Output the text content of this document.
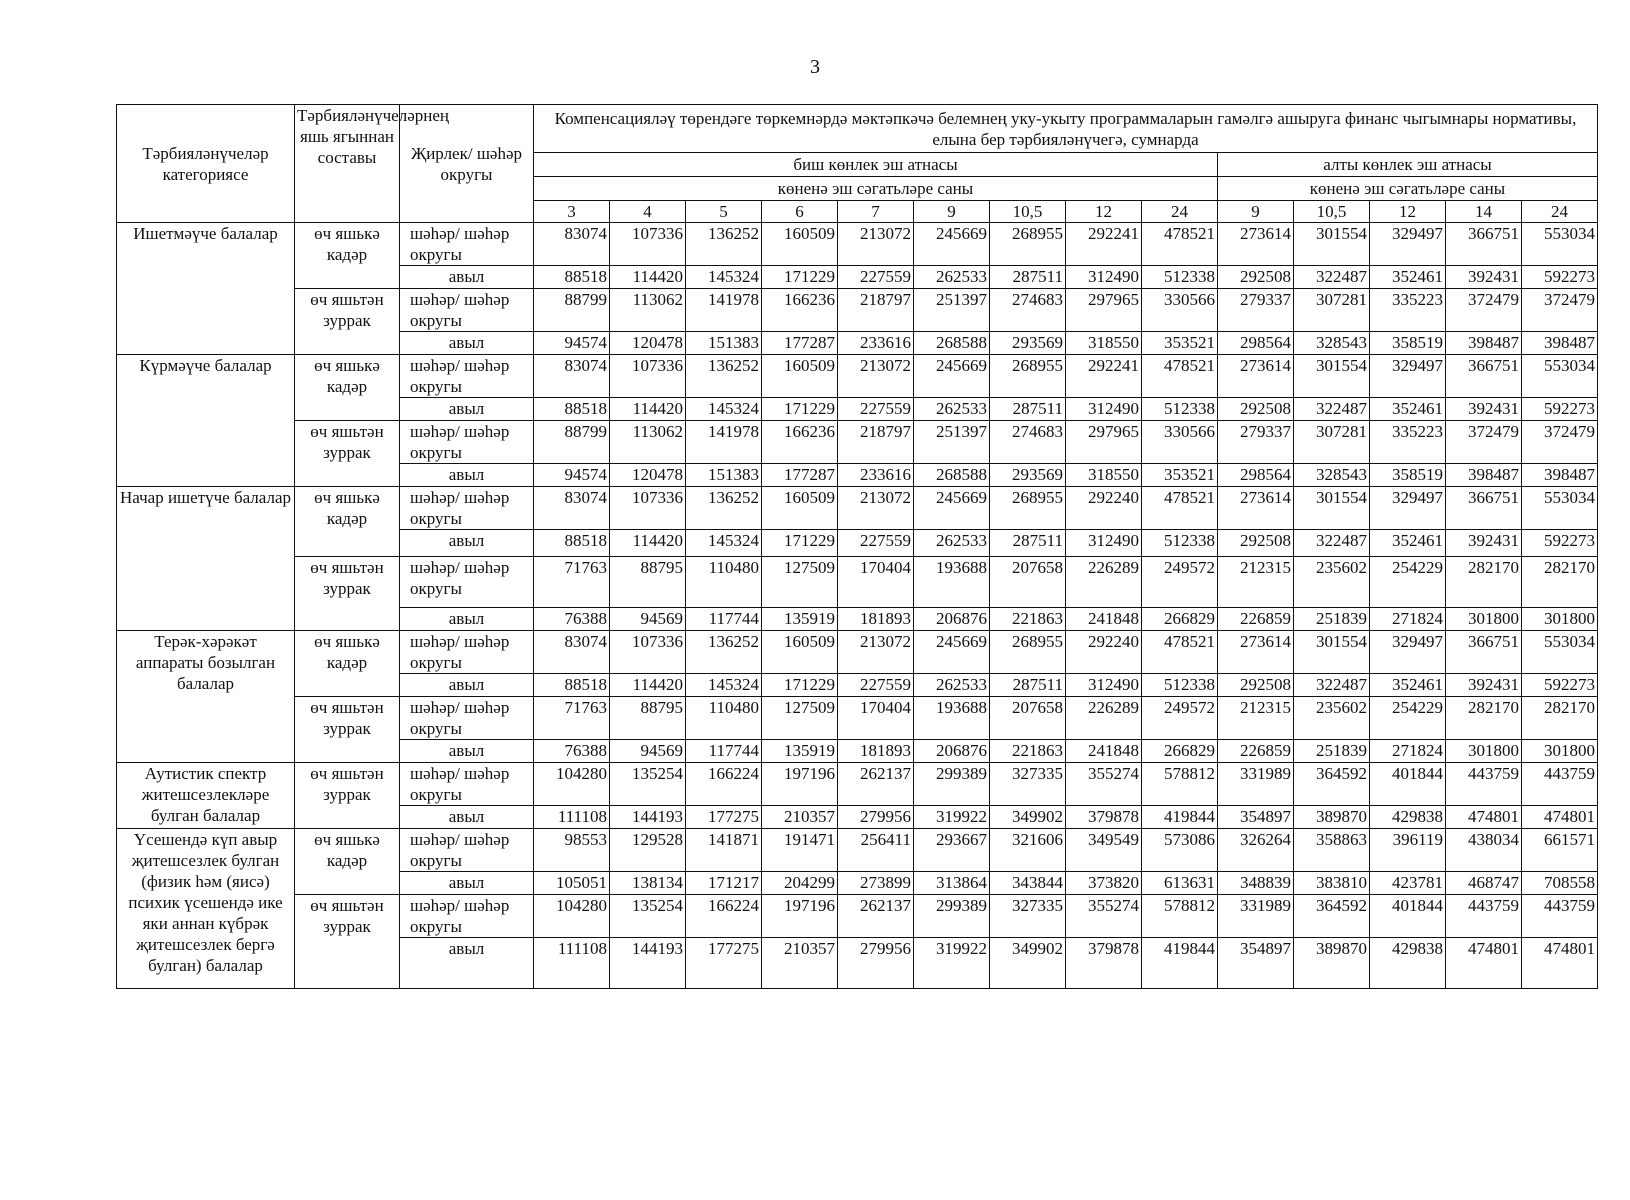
3
Тәрбияләнүчеләр категориясе	Тәрбияләнүчеләрнең яшь ягыннан составы	Җирлек/ шәһәр округы	Компенсацияләү төрендәге төркемнәрдә мәктәпкәчә белемнең уку-укыту программаларын гамәлгә ашыруга финанс чыгымнары нормативы, елына бер тәрбияләнүчегә, сумнарда													
			биш көнлек эш атнасы									алты көнлек эш атнасы				
			көненә эш сәгатьләре саны									көненә эш сәгатьләре саны				
			3	4	5	6	7	9	10,5	12	24	9	10,5	12	14	24

Ишетмәүче балалар	өч яшькә кадәр	шәһәр/ шәһәр округы	83074	107336	136252	160509	213072	245669	268955	292241	478521	273614	301554	329497	366751	553034
		авыл	88518	114420	145324	171229	227559	262533	287511	312490	512338	292508	322487	352461	392431	592273
	өч яшьтән зуррак	шәһәр/ шәһәр округы	88799	113062	141978	166236	218797	251397	274683	297965	330566	279337	307281	335223	372479	372479
		авыл	94574	120478	151383	177287	233616	268588	293569	318550	353521	298564	328543	358519	398487	398487
Күрмәүче балалар	өч яшькә кадәр	шәһәр/ шәһәр округы	83074	107336	136252	160509	213072	245669	268955	292241	478521	273614	301554	329497	366751	553034
		авыл	88518	114420	145324	171229	227559	262533	287511	312490	512338	292508	322487	352461	392431	592273
	өч яшьтән зуррак	шәһәр/ шәһәр округы	88799	113062	141978	166236	218797	251397	274683	297965	330566	279337	307281	335223	372479	372479
		авыл	94574	120478	151383	177287	233616	268588	293569	318550	353521	298564	328543	358519	398487	398487
Начар ишетүче балалар	өч яшькә кадәр	шәһәр/ шәһәр округы	83074	107336	136252	160509	213072	245669	268955	292240	478521	273614	301554	329497	366751	553034
		авыл	88518	114420	145324	171229	227559	262533	287511	312490	512338	292508	322487	352461	392431	592273
	өч яшьтән зуррак	шәһәр/ шәһәр округы	71763	88795	110480	127509	170404	193688	207658	226289	249572	212315	235602	254229	282170	282170
		авыл	76388	94569	117744	135919	181893	206876	221863	241848	266829	226859	251839	271824	301800	301800
Терәк-хәрәкәт аппараты бозылган балалар	өч яшькә кадәр	шәһәр/ шәһәр округы	83074	107336	136252	160509	213072	245669	268955	292240	478521	273614	301554	329497	366751	553034
		авыл	88518	114420	145324	171229	227559	262533	287511	312490	512338	292508	322487	352461	392431	592273
	өч яшьтән зуррак	шәһәр/ шәһәр округы	71763	88795	110480	127509	170404	193688	207658	226289	249572	212315	235602	254229	282170	282170
		авыл	76388	94569	117744	135919	181893	206876	221863	241848	266829	226859	251839	271824	301800	301800
Аутистик спектр житешсезлекләре булган балалар	өч яшьтән зуррак	шәһәр/ шәһәр округы	104280	135254	166224	197196	262137	299389	327335	355274	578812	331989	364592	401844	443759	443759
		авыл	111108	144193	177275	210357	279956	319922	349902	379878	419844	354897	389870	429838	474801	474801
Үсешендә күп авыр җитешсезлек булган (физик һәм (яисә) психик үсешендә ике яки аннан күбрәк җитешсезлек бергә булган) балалар	өч яшькә кадәр	шәһәр/ шәһәр округы	98553	129528	141871	191471	256411	293667	321606	349549	573086	326264	358863	396119	438034	661571
		авыл	105051	138134	171217	204299	273899	313864	343844	373820	613631	348839	383810	423781	468747	708558
	өч яшьтән зуррак	шәһәр/ шәһәр округы	104280	135254	166224	197196	262137	299389	327335	355274	578812	331989	364592	401844	443759	443759
		авыл	111108	144193	177275	210357	279956	319922	349902	379878	419844	354897	389870	429838	474801	474801
